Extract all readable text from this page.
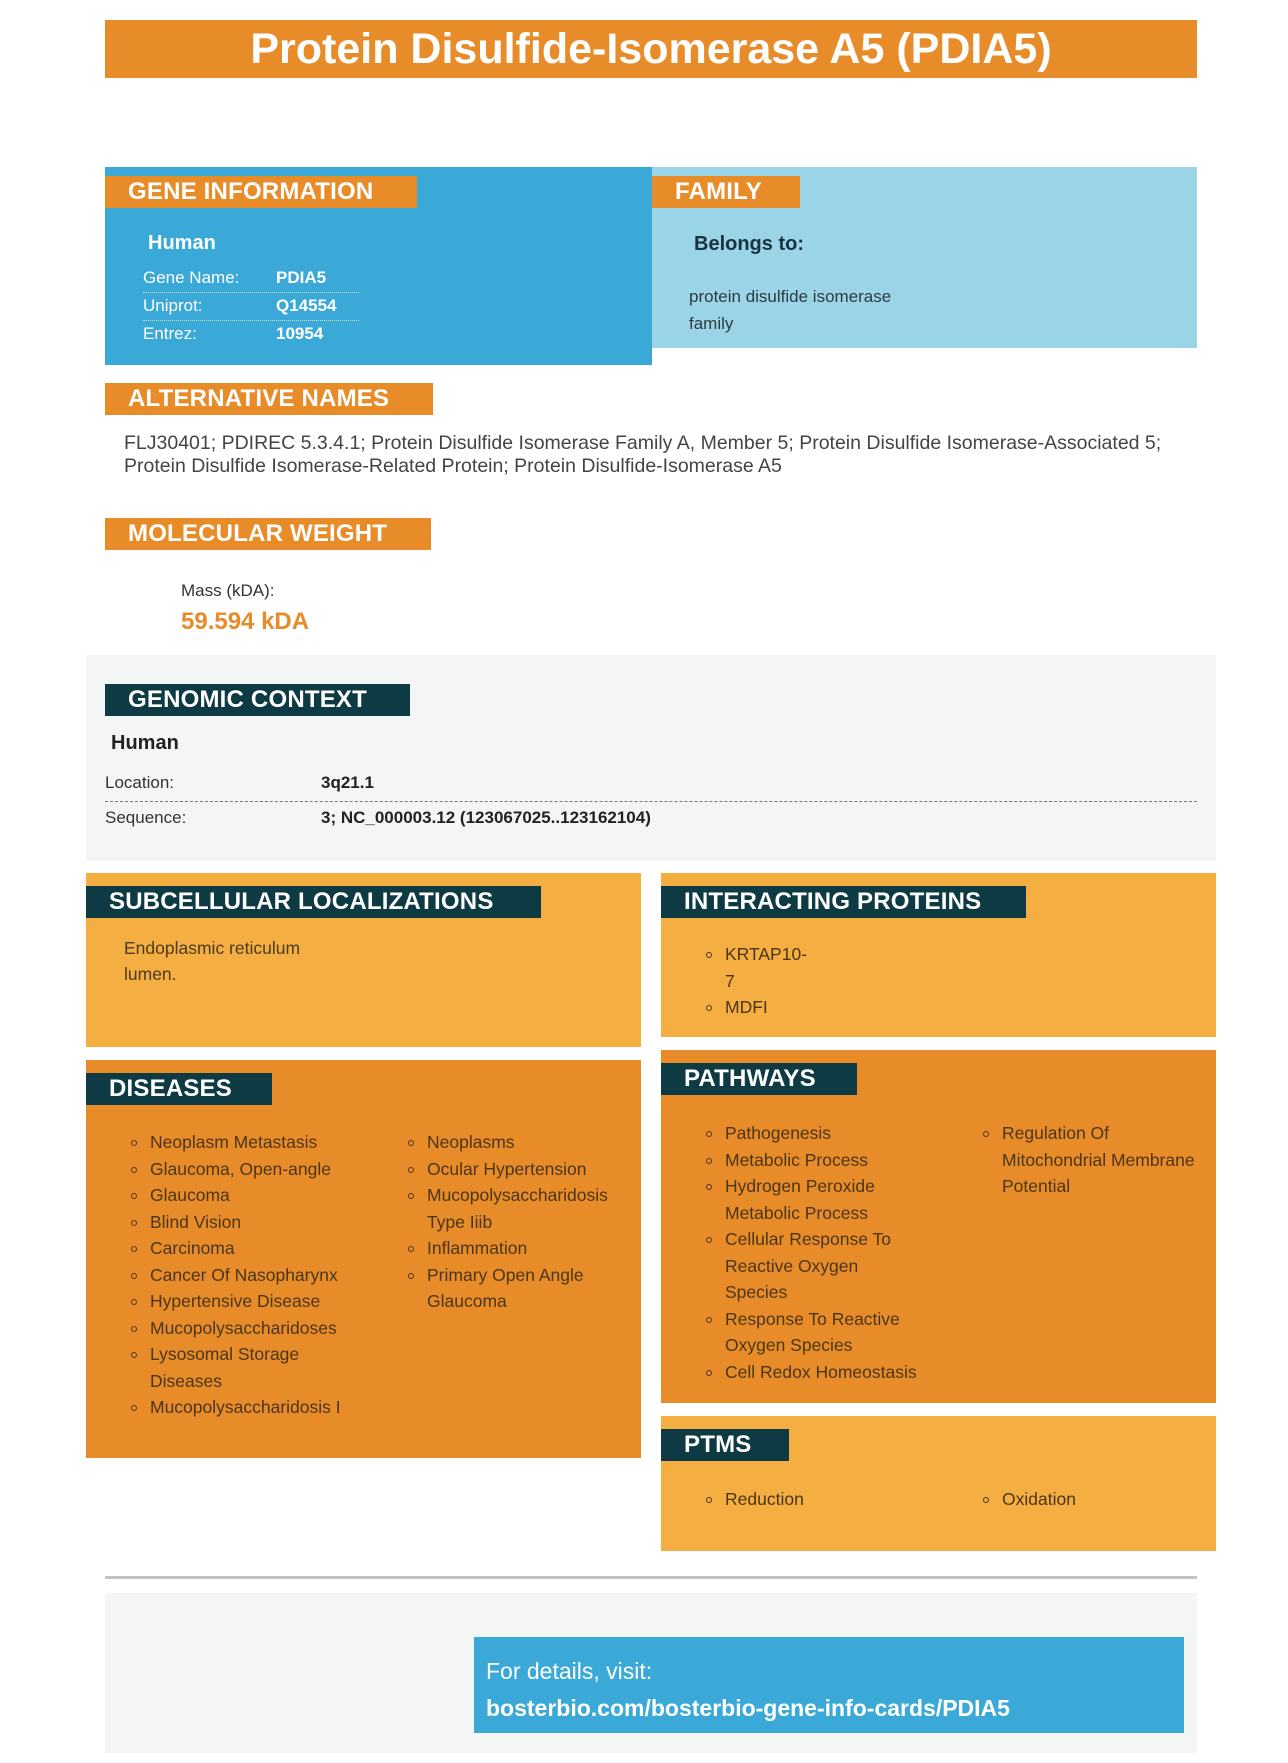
Protein Disulfide-Isomerase A5 (PDIA5)
GENE INFORMATION
Human
Gene Name:	PDIA5
Uniprot:	Q14554
Entrez:	10954
FAMILY
Belongs to:
protein disulfide isomerase family
ALTERNATIVE NAMES
FLJ30401; PDIREC 5.3.4.1; Protein Disulfide Isomerase Family A, Member 5; Protein Disulfide Isomerase-Associated 5; Protein Disulfide Isomerase-Related Protein; Protein Disulfide-Isomerase A5
MOLECULAR WEIGHT
Mass (kDA):
59.594 kDA
GENOMIC CONTEXT
Human
Location:	3q21.1
Sequence:	3; NC_000003.12 (123067025..123162104)
SUBCELLULAR LOCALIZATIONS
Endoplasmic reticulum lumen.
INTERACTING PROTEINS
KRTAP10-7
MDFI
DISEASES
Neoplasm Metastasis
Glaucoma, Open-angle
Glaucoma
Blind Vision
Carcinoma
Cancer Of Nasopharynx
Hypertensive Disease
Mucopolysaccharidoses
Lysosomal Storage Diseases
Mucopolysaccharidosis I
Neoplasms
Ocular Hypertension
Mucopolysaccharidosis Type Iiib
Inflammation
Primary Open Angle Glaucoma
PATHWAYS
Pathogenesis
Metabolic Process
Hydrogen Peroxide Metabolic Process
Cellular Response To Reactive Oxygen Species
Response To Reactive Oxygen Species
Cell Redox Homeostasis
Regulation Of Mitochondrial Membrane Potential
PTMS
Reduction	Oxidation
For details, visit:
bosterbio.com/bosterbio-gene-info-cards/PDIA5
